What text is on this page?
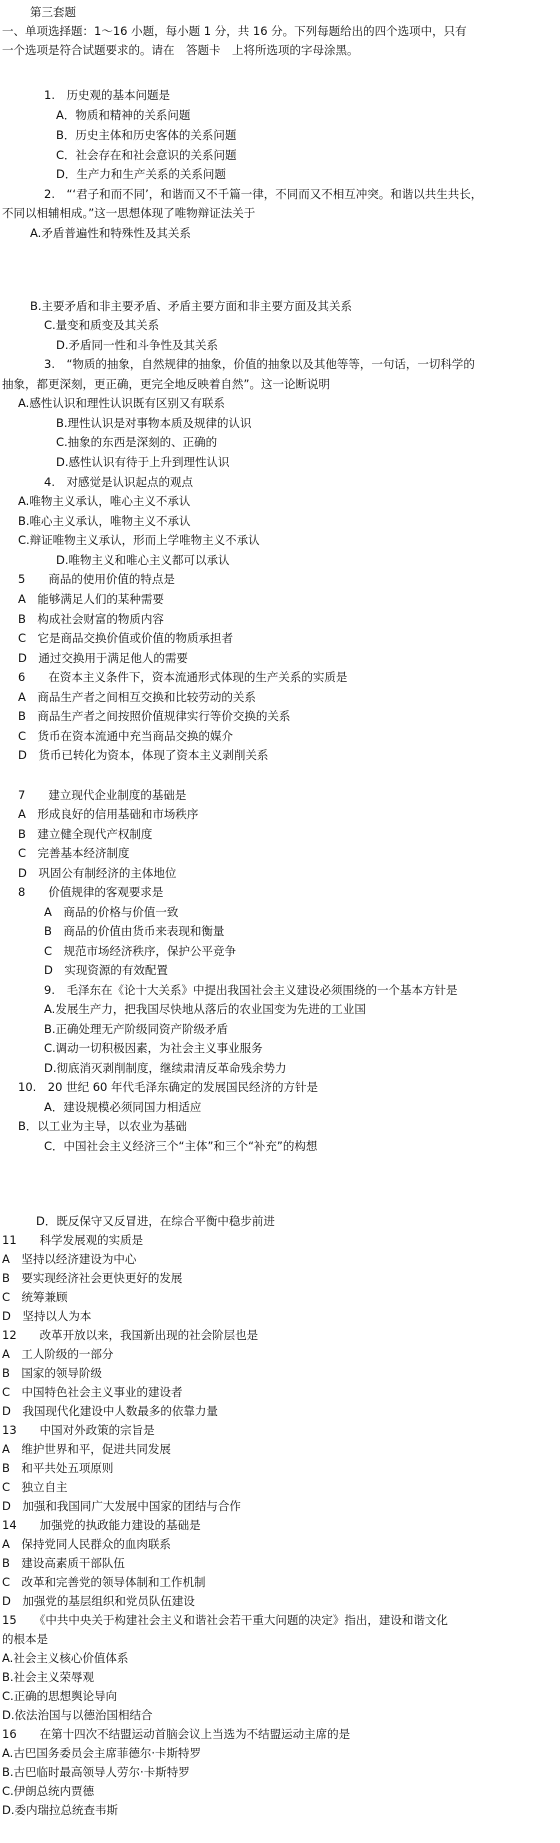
第三套题
一、单项选择题：1～16 小题，每小题 1 分，共 16 分。下列每题给出的四个选项中，只有
一个选项是符合试题要求的。请在　答题卡　上将所选项的字母涂黑。
1.　历史观的基本问题是
A．物质和精神的关系问题
B．历史主体和历史客体的关系问题
C．社会存在和社会意识的关系问题
D．生产力和生产关系的关系问题
2.　“‘君子和而不同’，和谐而又不千篇一律，不同而又不相互冲突。和谐以共生共长，
不同以相辅相成。”这一思想体现了唯物辩证法关于
A.矛盾普遍性和特殊性及其关系
B.主要矛盾和非主要矛盾、矛盾主要方面和非主要方面及其关系
C.量变和质变及其关系
D.矛盾同一性和斗争性及其关系
3.　“物质的抽象，自然规律的抽象，价值的抽象以及其他等等，一句话，一切科学的
抽象，都更深刻，更正确，更完全地反映着自然”。这一论断说明
A.感性认识和理性认识既有区别又有联系
B.理性认识是对事物本质及规律的认识
C.抽象的东西是深刻的、正确的
D.感性认识有待于上升到理性认识
4.　对感觉是认识起点的观点
A.唯物主义承认，唯心主义不承认
B.唯心主义承认，唯物主义不承认
C.辩证唯物主义承认，形而上学唯物主义不承认
D.唯物主义和唯心主义都可以承认
5　　商品的使用价值的特点是
A　能够满足人们的某种需要
B　构成社会财富的物质内容
C　它是商品交换价值或价值的物质承担者
D　通过交换用于满足他人的需要
6　　在资本主义条件下，资本流通形式体现的生产关系的实质是
A　商品生产者之间相互交换和比较劳动的关系
B　商品生产者之间按照价值规律实行等价交换的关系
C　货币在资本流通中充当商品交换的媒介
D　货币已转化为资本，体现了资本主义剥削关系
7　　建立现代企业制度的基础是
A　形成良好的信用基础和市场秩序
B　建立健全现代产权制度
C　完善基本经济制度
D　巩固公有制经济的主体地位
8　　价值规律的客观要求是
A　商品的价格与价值一致
B　商品的价值由货币来表现和衡量
C　规范市场经济秩序，保护公平竞争
D　实现资源的有效配置
9.　毛泽东在《论十大关系》中提出我国社会主义建设必须围绕的一个基本方针是
A.发展生产力，把我国尽快地从落后的农业国变为先进的工业国
B.正确处理无产阶级同资产阶级矛盾
C.调动一切积极因素，为社会主义事业服务
D.彻底消灭剥削制度，继续肃清反革命残余势力
10.　20 世纪 60 年代毛泽东确定的发展国民经济的方针是
A．建设规模必须同国力相适应
B．以工业为主导，以农业为基础
C．中国社会主义经济三个“主体”和三个“补充”的构想
D．既反保守又反冒进，在综合平衡中稳步前进
11　　科学发展观的实质是
A　坚持以经济建设为中心
B　要实现经济社会更快更好的发展
C　统筹兼顾
D　坚持以人为本
12　　改革开放以来，我国新出现的社会阶层也是
A　工人阶级的一部分
B　国家的领导阶级
C　中国特色社会主义事业的建设者
D　我国现代化建设中人数最多的依靠力量
13　　中国对外政策的宗旨是
A　维护世界和平，促进共同发展
B　和平共处五项原则
C　独立自主
D　加强和我国同广大发展中国家的团结与合作
14　　加强党的执政能力建设的基础是
A　保持党同人民群众的血肉联系
B　建设高素质干部队伍
C　改革和完善党的领导体制和工作机制
D　加强党的基层组织和党员队伍建设
15　　《中共中央关于构建社会主义和谐社会若干重大问题的决定》指出，建设和谐文化
的根本是
A.社会主义核心价值体系
B.社会主义荣辱观
C.正确的思想舆论导向
D.依法治国与以德治国相结合
16　　在第十四次不结盟运动首脑会议上当选为不结盟运动主席的是
A.古巴国务委员会主席菲德尔·卡斯特罗
B.古巴临时最高领导人劳尔·卡斯特罗
C.伊朗总统内贾德
D.委内瑞拉总统查韦斯
